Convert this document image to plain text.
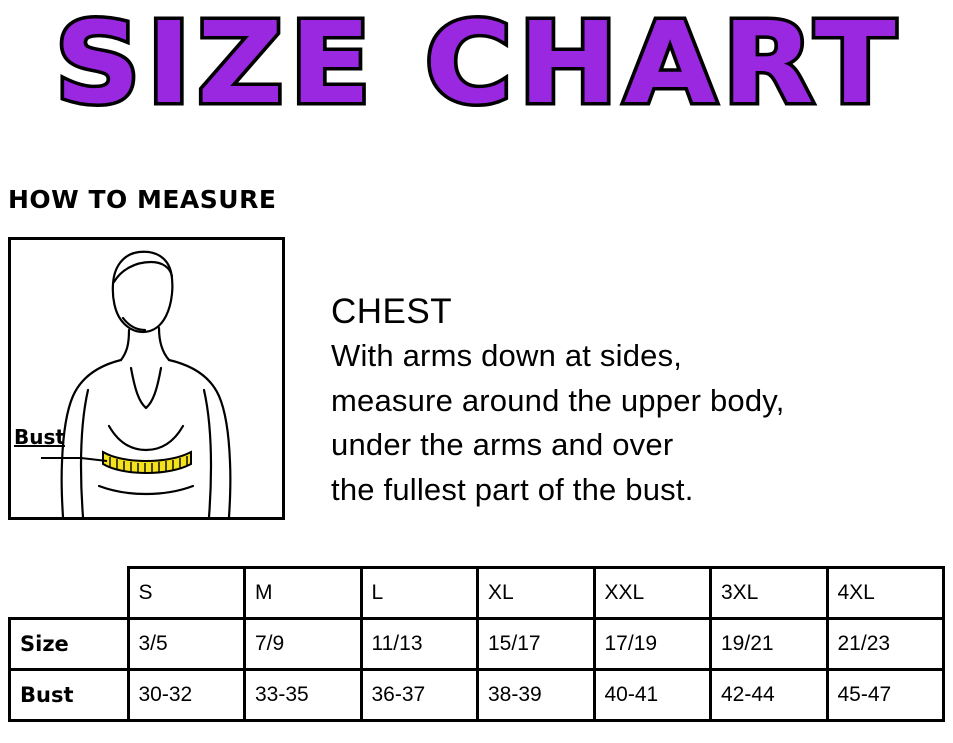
SIZE CHART
HOW TO MEASURE
Bust
CHEST
With arms down at sides,
measure around the upper body,
under the arms and over
the fullest part of the bust.
	S	M	L	XL	XXL	3XL	4XL
Size	3/5	7/9	11/13	15/17	17/19	19/21	21/23
Bust	30-32	33-35	36-37	38-39	40-41	42-44	45-47
